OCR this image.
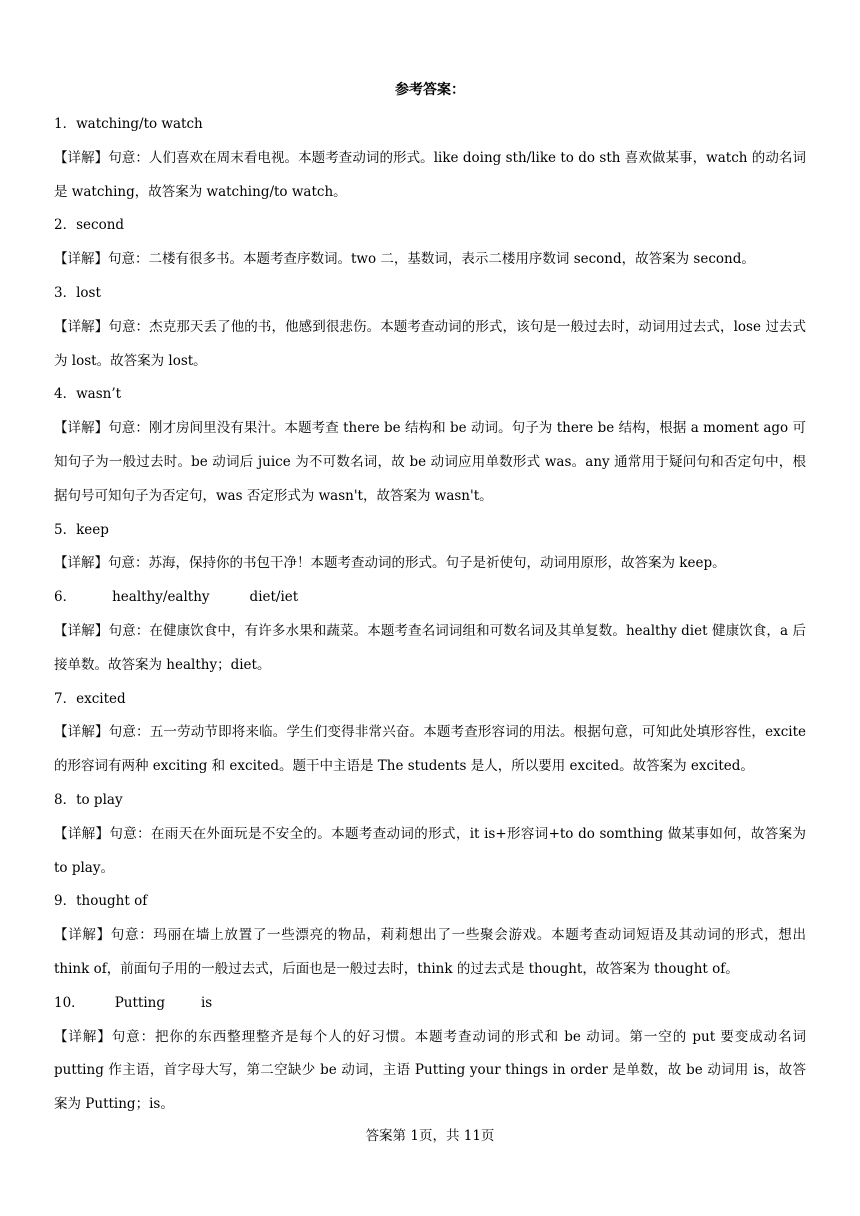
参考答案：
1．watching/to watch
【详解】句意：人们喜欢在周末看电视。本题考查动词的形式。like doing sth/like to do sth 喜欢做某事，watch 的动名词是 watching，故答案为 watching/to watch。
2．second
【详解】句意：二楼有很多书。本题考查序数词。two 二，基数词，表示二楼用序数词 second，故答案为 second。
3．lost
【详解】句意：杰克那天丢了他的书，他感到很悲伤。本题考查动词的形式，该句是一般过去时，动词用过去式，lose 过去式为 lost。故答案为 lost。
4．wasn’t
【详解】句意：刚才房间里没有果汁。本题考查 there be 结构和 be 动词。句子为 there be 结构，根据 a moment ago 可知句子为一般过去时。be 动词后 juice 为不可数名词，故 be 动词应用单数形式 was。any 通常用于疑问句和否定句中，根据句号可知句子为否定句，was 否定形式为 wasn't，故答案为 wasn't。
5．keep
【详解】句意：苏海，保持你的书包干净！本题考查动词的形式。句子是祈使句，动词用原形，故答案为 keep。
6．	healthy/ealthy	diet/iet
【详解】句意：在健康饮食中，有许多水果和蔬菜。本题考查名词词组和可数名词及其单复数。healthy diet 健康饮食，a 后接单数。故答案为 healthy；diet。
7．excited
【详解】句意：五一劳动节即将来临。学生们变得非常兴奋。本题考查形容词的用法。根据句意，可知此处填形容性，excite 的形容词有两种 exciting 和 excited。题干中主语是 The students 是人，所以要用 excited。故答案为 excited。
8．to play
【详解】句意：在雨天在外面玩是不安全的。本题考查动词的形式，it is+形容词+to do somthing 做某事如何，故答案为 to play。
9．thought of
【详解】句意：玛丽在墙上放置了一些漂亮的物品，莉莉想出了一些聚会游戏。本题考查动词短语及其动词的形式，想出 think of，前面句子用的一般过去式，后面也是一般过去时，think 的过去式是 thought，故答案为 thought of。
10． Putting	is
【详解】句意：把你的东西整理整齐是每个人的好习惯。本题考查动词的形式和 be 动词。第一空的 put 要变成动名词 putting 作主语，首字母大写，第二空缺少 be 动词，主语 Putting your things in order 是单数，故 be 动词用 is，故答案为 Putting；is。
答案第 1页，共 11页
